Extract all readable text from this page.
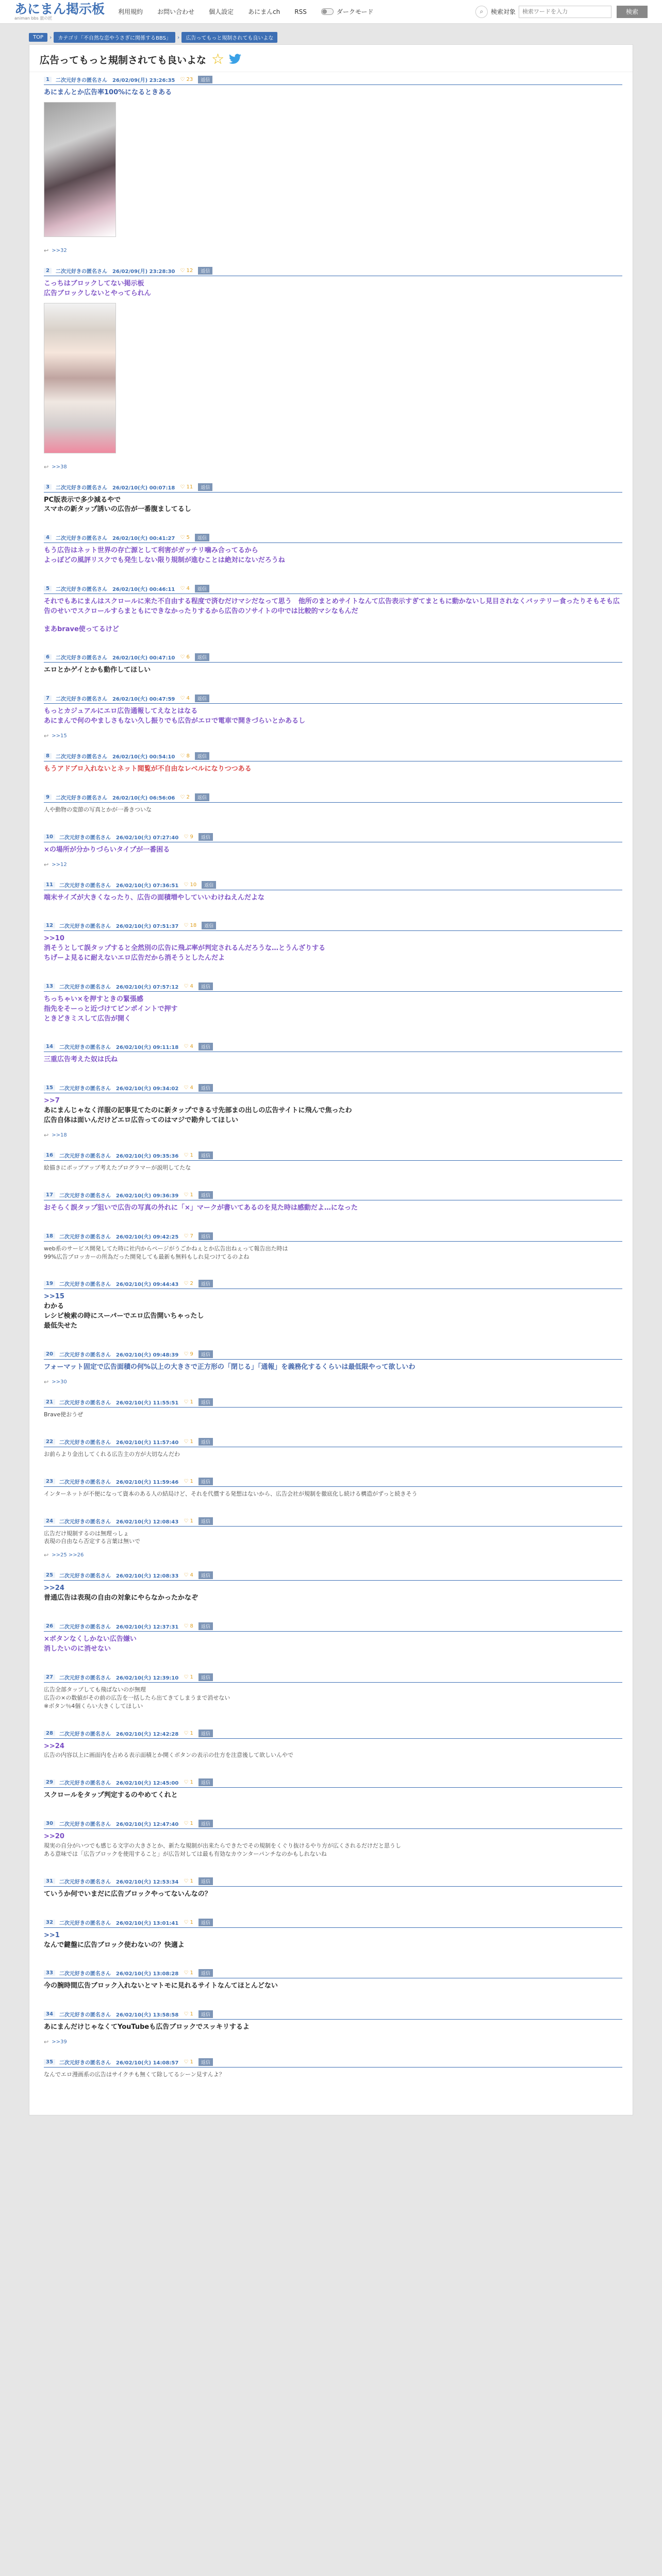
あにまん掲示板
animan bbs 旅の匠
利用規約 お問い合わせ 個人設定 あにまんch RSS	ダークモード	⌕	検索対象
検索ワードを入力	検索
TOP	›	カテゴリ「不自然な恋やうさぎに関係するBBS」	›	広告ってもっと規制されても良いよな
広告ってもっと規制されても良いよな ☆
1	二次元好きの匿名さん 26/02/09(月) 23:26:35 ♡ 23	返信

あにまんとか広告率100%になるときある

↩ >>32
2	二次元好きの匿名さん 26/02/09(月) 23:28:30 ♡ 12	返信

こっちはブロックしてない掲示板

広告ブロックしないとやってられん

↩ >>38
3	二次元好きの匿名さん 26/02/10(火) 00:07:18 ♡ 11	返信

PC版表示で多少減るやで

スマホの新タップ誘いの広告が一番腹ましてるし

4	二次元好きの匿名さん 26/02/10(火) 00:41:27 ♡ 5	返信

もう広告はネット世界の存亡源として利害がガッチリ噛み合ってるから

よっぽどの風評リスクでも発生しない限り規制が進むことは絶対にないだろうね

5	二次元好きの匿名さん 26/02/10(火) 00:46:11 ♡ 4	返信

それでもあにまんはスクロールに来た不自由する程度で済むだけマシだなって思う　他所のまとめサイトなんて広告表示すぎてまともに動かないし見目されなくバッテリー食ったりそもそも広告のせいでスクロールすらまともにできなかったりするから広告のソサイトの中では比較的マシなもんだ

まあbrave使ってるけど

6	二次元好きの匿名さん 26/02/10(火) 00:47:10 ♡ 6	返信

エロとかゲイとかも動作してほしい

7	二次元好きの匿名さん 26/02/10(火) 00:47:59 ♡ 4	返信

もっとカジュアルにエロ広告通報してえなとはなる

あにまんで何のやましさもない久し振りでも広告がエロで電車で開きづらいとかあるし

↩ >>15
8	二次元好きの匿名さん 26/02/10(火) 00:54:10 ♡ 8	返信

もうアドブロ入れないとネット閲覧が不自由なレベルになりつつある

9	二次元好きの匿名さん 26/02/10(火) 06:56:06 ♡ 2	返信

人や動物の変節の写真とかが一番きついな

10	二次元好きの匿名さん 26/02/10(火) 07:27:40 ♡ 9	返信

×の場所が分かりづらいタイプが一番困る

↩ >>12
11	二次元好きの匿名さん 26/02/10(火) 07:36:51 ♡ 10	返信

端末サイズが大きくなったり、広告の面積増やしていいわけねえんだよな

12	二次元好きの匿名さん 26/02/10(火) 07:51:37 ♡ 18	返信

>>10

消そうとして誤タップすると全然別の広告に飛ぶ率が判定されるんだろうな…とうんざりする

ちげーよ見るに耐えないエロ広告だから消そうとしたんだよ

13	二次元好きの匿名さん 26/02/10(火) 07:57:12 ♡ 4	返信

ちっちゃい×を押すときの緊張感

指先をそーっと近づけてピンポイントで押す

ときどきミスして広告が開く

14	二次元好きの匿名さん 26/02/10(火) 09:11:18 ♡ 4	返信

三重広告考えた奴は氏ね

15	二次元好きの匿名さん 26/02/10(火) 09:34:02 ♡ 4	返信

>>7

あにまんじゃなく洋服の記事見てたのに新タップできる寸先部まの出しの広告サイトに飛んで焦ったわ

広告自体は面いんだけどエロ広告ってのはマジで勘弁してほしい

↩ >>18
16	二次元好きの匿名さん 26/02/10(火) 09:35:36 ♡ 1	返信

絵描きにポップアップ考えたプログラマーが説明してたな

17	二次元好きの匿名さん 26/02/10(火) 09:36:39 ♡ 1	返信

おそらく誤タップ狙いで広告の写真の外れに「×」マークが書いてあるのを見た時は感動だよ…になった

18	二次元好きの匿名さん 26/02/10(火) 09:42:25 ♡ 7	返信

web系のサービス開発してた時に社内からページがうごかねぇとか広告出ねぇって報告出た時は

99%広告ブロッカーの所為だった開発しても最新も無料もしれ見つけてるのよね

19	二次元好きの匿名さん 26/02/10(火) 09:44:43 ♡ 2	返信

>>15

わかる

レシピ検索の時にスーパーでエロ広告開いちゃったし

最低失せた

20	二次元好きの匿名さん 26/02/10(火) 09:48:39 ♡ 9	返信

フォーマット固定で広告面積の何%以上の大きさで正方形の「閉じる」「通報」を義務化するくらいは最低限やって欲しいわ

↩ >>30
21	二次元好きの匿名さん 26/02/10(火) 11:55:51 ♡ 1	返信

Brave使おうぜ

22	二次元好きの匿名さん 26/02/10(火) 11:57:40 ♡ 1	返信

お前らより金出してくれる広告主の方が大切なんだわ

23	二次元好きの匿名さん 26/02/10(火) 11:59:46 ♡ 1	返信

インターネットが不便になって資本のある人の結局けど、それを代償する発想はないから、広告会社が規制を徹底化し続ける構造がずっと続きそう

24	二次元好きの匿名さん 26/02/10(火) 12:08:43 ♡ 1	返信

広告だけ規制するのは無理っしょ

表現の自由なら否定する言葉は無いで

↩ >>25 >>26
25	二次元好きの匿名さん 26/02/10(火) 12:08:33 ♡ 4	返信

>>24

普通広告は表現の自由の対象にやらなかったかなぞ

26	二次元好きの匿名さん 26/02/10(火) 12:37:31 ♡ 8	返信

×ボタンなくしかない広告嫌い

消したいのに消せない

27	二次元好きの匿名さん 26/02/10(火) 12:39:10 ♡ 1	返信

広告全部タップしても飛ばないのが無理

広告の×の数値がその前の広告を一括したら出てきてしまうまで消せない

※ボタン％4個くらい大きくしてほしい

28	二次元好きの匿名さん 26/02/10(火) 12:42:28 ♡ 1	返信

>>24

広告の内容以上に画面内を占める表示面積とか開くボタンの表示の仕方を注意後して欲しいんやで

29	二次元好きの匿名さん 26/02/10(火) 12:45:00 ♡ 1	返信

スクロールをタップ判定するのやめてくれと

30	二次元好きの匿名さん 26/02/10(火) 12:47:40 ♡ 1	返信

>>20

現実の自分がいつでも感じる文字の大きさとか、新たな規制が出来たらできたでその規制をくぐり抜けるやり方が広くされるだけだと思うし

ある意味では「広告ブロックを使用すること」が広告対しては最も有効なカウンターパンチなのかもしれないね

31	二次元好きの匿名さん 26/02/10(火) 12:53:34 ♡ 1	返信

ていうか何でいまだに広告ブロックやってないんなの？

32	二次元好きの匿名さん 26/02/10(火) 13:01:41 ♡ 1	返信

>>1

なんで鍵盤に広告ブロック使わないの？快適よ

33	二次元好きの匿名さん 26/02/10(火) 13:08:28 ♡ 1	返信

今の腕時間広告ブロック入れないとマトモに見れるサイトなんてほとんどない

34	二次元好きの匿名さん 26/02/10(火) 13:58:58 ♡ 1	返信

あにまんだけじゃなくてYouTubeも広告ブロックでスッキリするよ

↩ >>39
35	二次元好きの匿名さん 26/02/10(火) 14:08:57 ♡ 1	返信

なんでエロ漫画系の広告はサイクチも無くて除してるシーン見すんよ？
